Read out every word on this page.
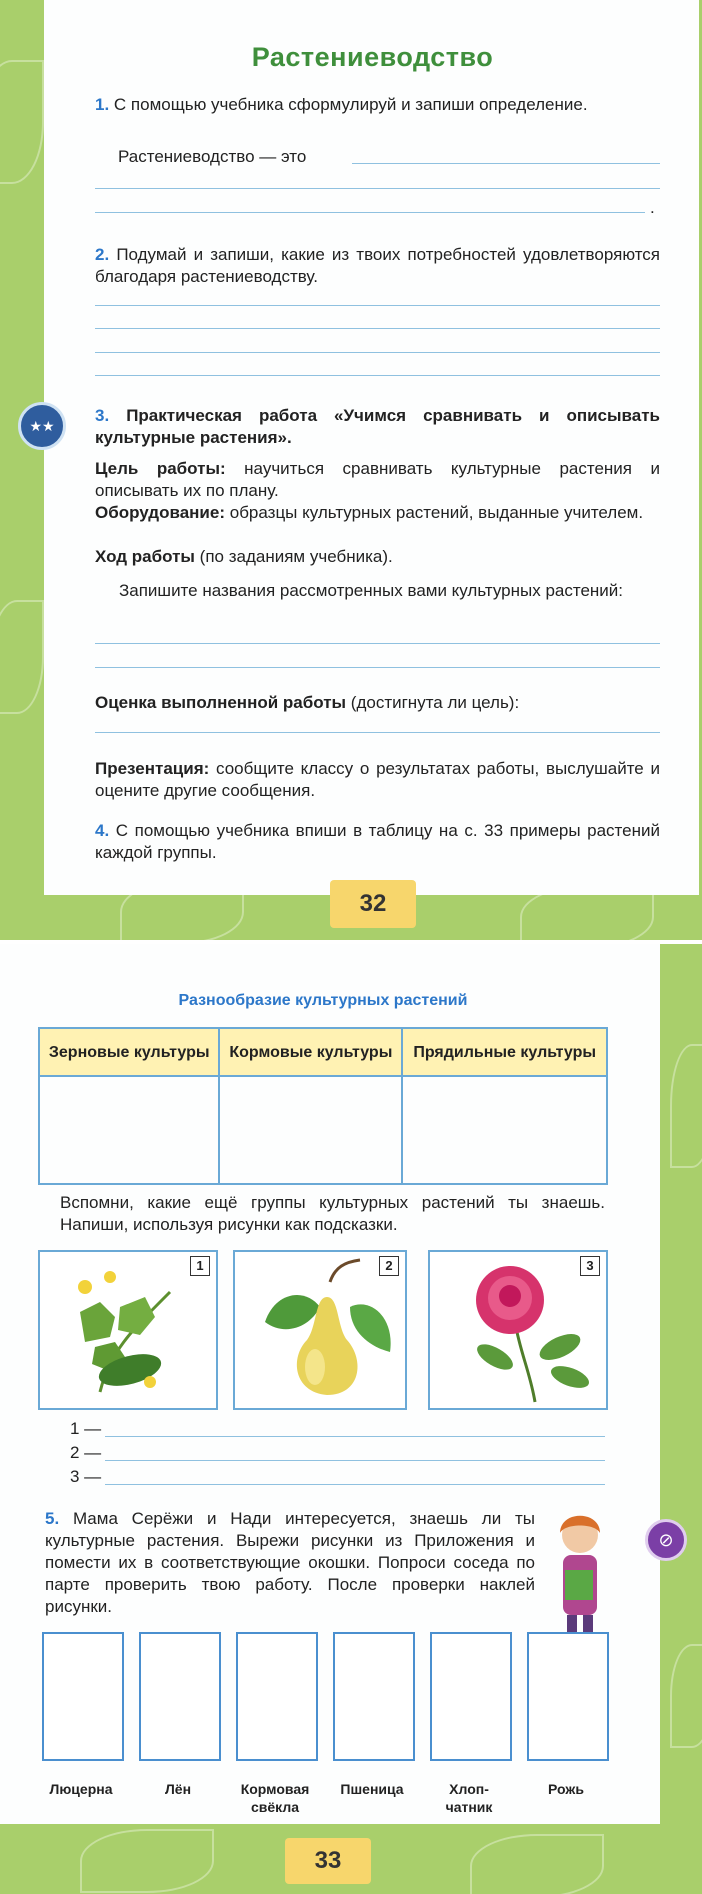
Растениеводство
1. С помощью учебника сформулируй и запиши определение.
Растениеводство — это
.
2. Подумай и запиши, какие из твоих потребностей удовлетворяются благодаря растениеводству.
★★
3. Практическая работа «Учимся сравнивать и описывать культурные растения».
Цель работы: научиться сравнивать культурные растения и описывать их по плану.
Оборудование: образцы культурных растений, выданные учителем.
Ход работы (по заданиям учебника).
Запишите названия рассмотренных вами культурных растений:
Оценка выполненной работы (достигнута ли цель):
Презентация: сообщите классу о результатах работы, выслушайте и оцените другие сообщения.
4. С помощью учебника впиши в таблицу на с. 33 примеры растений каждой группы.
32
Разнообразие культурных растений
Зерновые культуры	Кормовые культуры	Прядильные культуры

Вспомни, какие ещё группы культурных растений ты знаешь. Напиши, используя рисунки как подсказки.
1	2	3
1 —
2 —
3 —
5. Мама Серёжи и Нади интересуется, знаешь ли ты культурные растения. Вырежи рисунки из Приложения и помести их в соответствующие окошки. Попроси соседа по парте проверить твою работу. После проверки наклей рисунки.
⊘
Люцерна	Лён	Кормовая свёкла
Пшеница	Хлоп-чатник
Рожь
33
